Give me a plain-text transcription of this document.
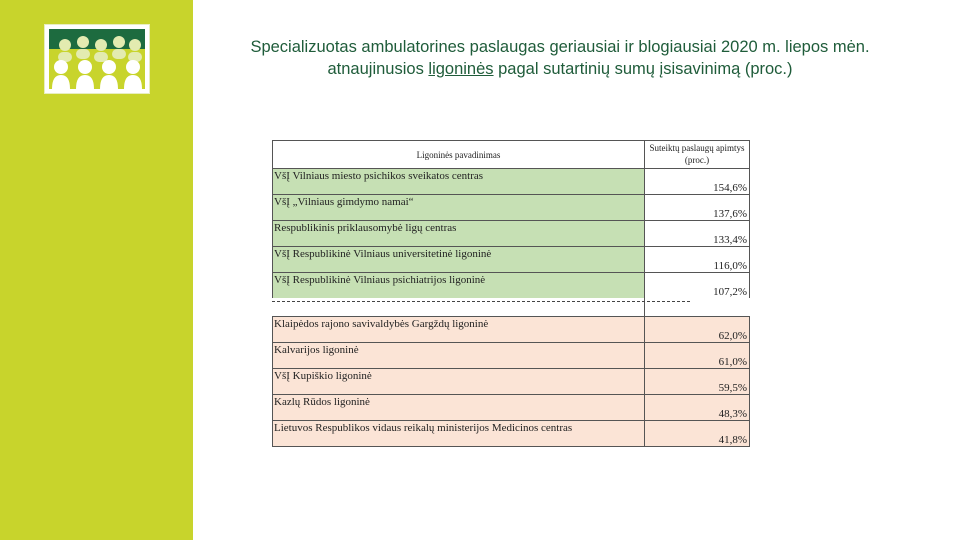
Specializuotas ambulatorines paslaugas geriausiai ir blogiausiai 2020 m. liepos mėn. atnaujinusios ligoninės pagal sutartinių sumų įsisavinimą (proc.)
Ligoninės pavadinimas
Suteiktų paslaugų apimtys (proc.)
VšĮ Vilniaus miesto psichikos sveikatos centras
154,6%
VšĮ „Vilniaus gimdymo namai“
137,6%
Respublikinis priklausomybė ligų centras
133,4%
VšĮ Respublikinė Vilniaus universitetinė ligoninė
116,0%
VšĮ Respublikinė Vilniaus psichiatrijos ligoninė
107,2%
Klaipėdos rajono savivaldybės Gargždų ligoninė
62,0%
Kalvarijos ligoninė
61,0%
VšĮ Kupiškio ligoninė
59,5%
Kazlų Rūdos ligoninė
48,3%
Lietuvos Respublikos vidaus reikalų ministerijos Medicinos centras
41,8%
